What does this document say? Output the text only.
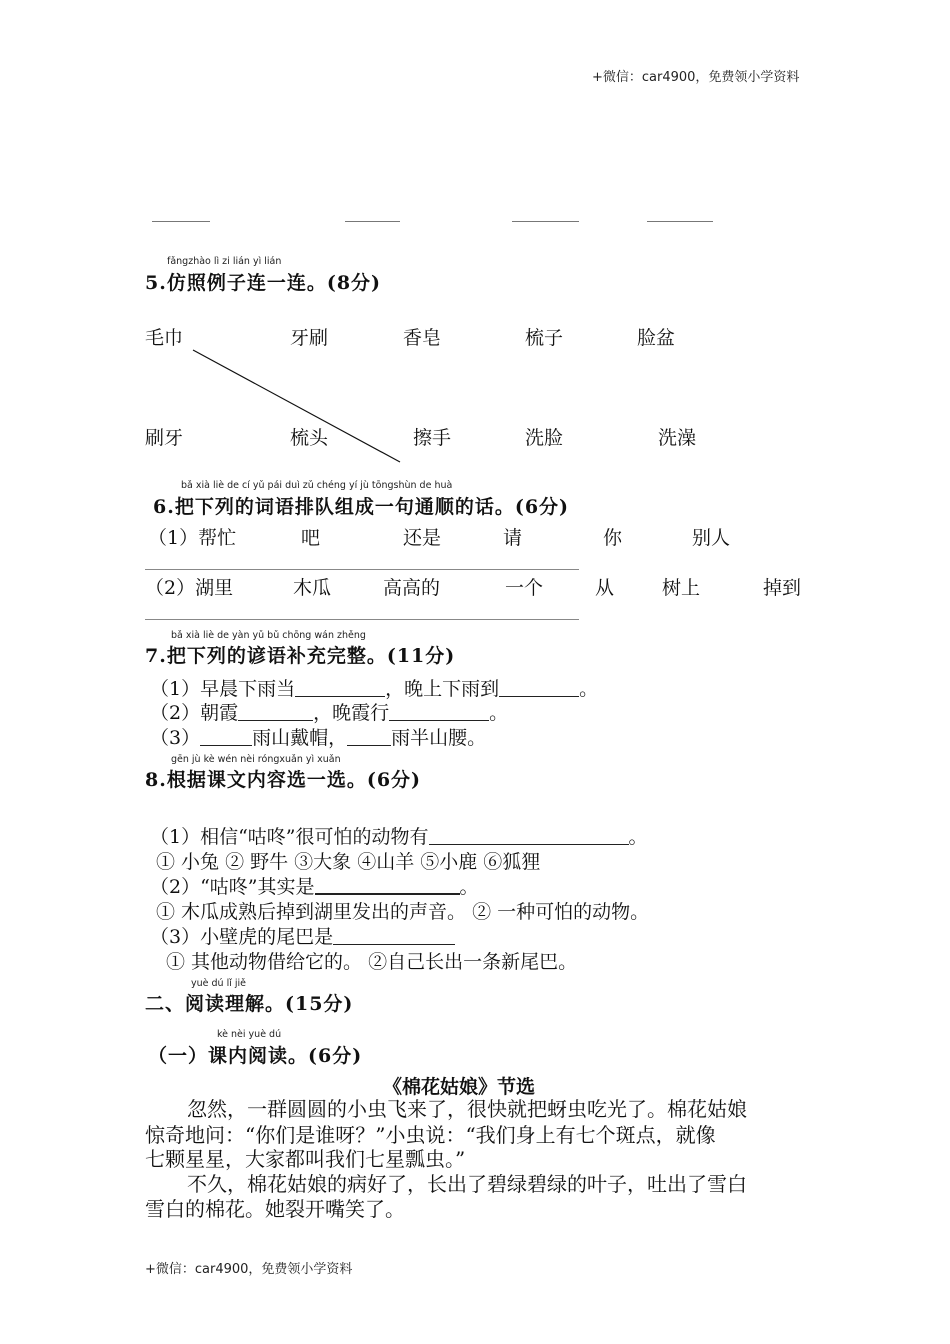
+微信：car4900，免费领小学资料
+微信：car4900，免费领小学资料
fǎngzhào lì zi lián yì lián
5.仿照例子连一连。(8分)
毛巾	牙刷	香皂	梳子	脸盆
刷牙	梳头	擦手	洗脸	洗澡
bǎ xià liè de cí yǔ pái duì zǔ chéng yí jù tōngshùn de huà
6.把下列的词语排队组成一句通顺的话。(6分)
（1）帮忙	吧	还是	请	你	别人
（2）湖里	木瓜	高高的	一个	从	树上	掉到
bǎ xià liè de yàn yǔ bǔ chōng wán zhěng
7.把下列的谚语补充完整。(11分)
（1）早晨下雨当	，晚上下雨到	。
（2）朝霞	，晚霞行	。
（3）	雨山戴帽， 雨半山腰。
gēn jù kè wén nèi róngxuǎn yì xuǎn
8.根据课文内容选一选。(6分)
（1）相信“咕咚”很可怕的动物有	。
① 小兔 ② 野牛 ③大象 ④山羊 ⑤小鹿 ⑥狐狸
（2）“咕咚”其实是	。
① 木瓜成熟后掉到湖里发出的声音。 ② 一种可怕的动物。
（3）小壁虎的尾巴是
① 其他动物借给它的。 ②自己长出一条新尾巴。
yuè dú lǐ jiě
二、阅读理解。(15分)
kè nèi yuè dú
（一）课内阅读。(6分)
《棉花姑娘》节选
忽然，一群圆圆的小虫飞来了，很快就把蚜虫吃光了。棉花姑娘
惊奇地问：“你们是谁呀？”小虫说：“我们身上有七个斑点，就像
七颗星星，大家都叫我们七星瓢虫。”
不久，棉花姑娘的病好了，长出了碧绿碧绿的叶子，吐出了雪白
雪白的棉花。她裂开嘴笑了。
